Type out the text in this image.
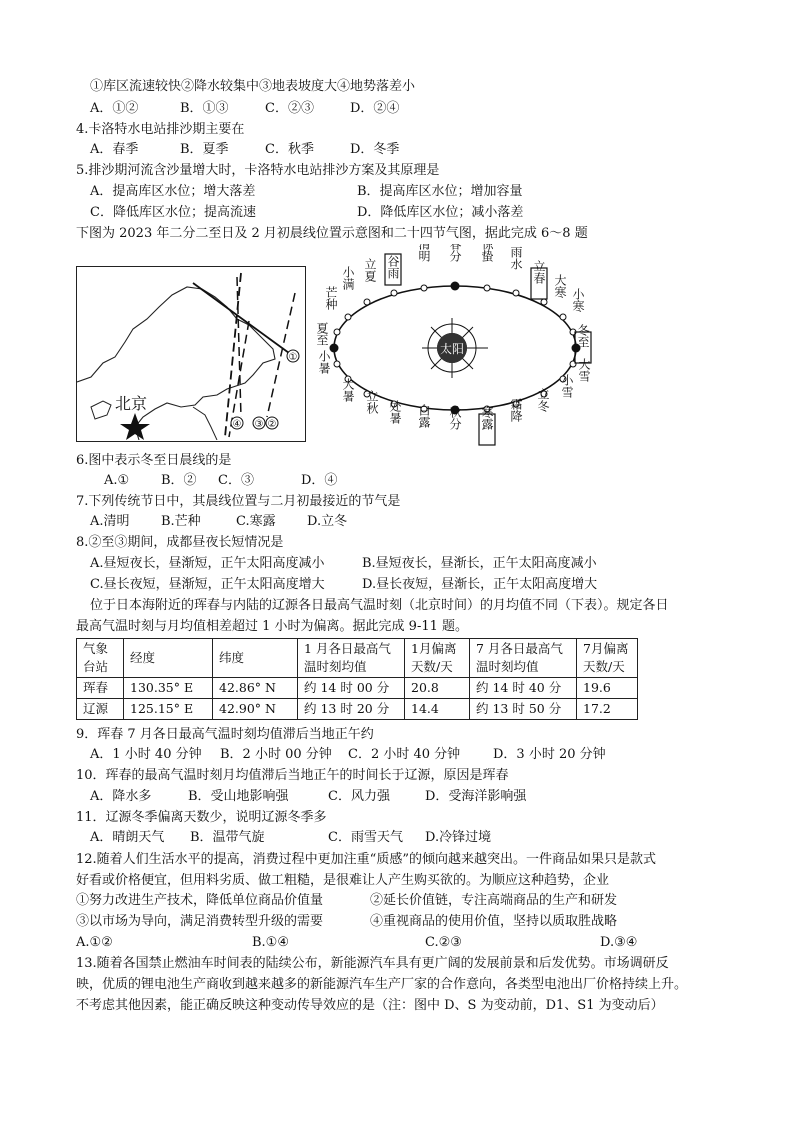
①库区流速较快②降水较集中③地表坡度大④地势落差小
A．①②	B．①③	C．②③	D．②④
4.卡洛特水电站排沙期主要在
A．春季	B．夏季	C．秋季	D．冬季
5.排沙期河流含沙量增大时，卡洛特水电站排沙方案及其原理是
A．提高库区水位；增大落差	B．提高库区水位；增加容量
C．降低库区水位；提高流速	D．降低库区水位；减小落差
下图为 2023 年二分二至日及 2 月初晨线位置示意图和二十四节气图，据此完成 6～8 题
①
④ ③ ②
北京
太阳
谷雨
清明 春分 惊蛰 雨水
立夏
小满
芒种
立春
大寒
小寒
夏至	冬至
小暑
大暑 立秋 处暑 白露 秋分 寒露 霜降 立冬
小雪
大雪
6.图中表示冬至日晨线的是
A.① B．② C．③	D．④
7.下列传统节日中，其晨线位置与二月初最接近的节气是
A.清明 B.芒种	C.寒露 D.立冬
8.②至③期间，成都昼夜长短情况是
A.昼短夜长，昼渐短，正午太阳高度减小	B.昼短夜长，昼渐长，正午太阳高度减小
C.昼长夜短，昼渐短，正午太阳高度增大	D.昼长夜短，昼渐长，正午太阳高度增大
位于日本海附近的珲春与内陆的辽源各日最高气温时刻（北京时间）的月均值不同（下表）。规定各日
最高气温时刻与月均值相差超过 1 小时为偏离。据此完成 9-11 题。
气象台站	经度	纬度	1 月各日最高气温时刻均值	1月偏离天数/天	7 月各日最高气温时刻均值	7月偏离天数/天
珲春	130.35° E	42.86° N	约 14 时 00 分	20.8	约 14 时 40 分	19.6
辽源	125.15° E	42.90° N	约 13 时 20 分	14.4	约 13 时 50 分	17.2
9．珲春 7 月各日最高气温时刻均值滞后当地正午约
A．1 小时 40 分钟 B．2 小时 00 分钟 C．2 小时 40 分钟	D．3 小时 20 分钟
10．珲春的最高气温时刻月均值滞后当地正午的时间长于辽源，原因是珲春
A．降水多	B．受山地影响强	C．风力强	D．受海洋影响强
11．辽源冬季偏离天数少，说明辽源冬季多
A．晴朗天气 B．温带气旋	C．雨雪天气 D.冷锋过境
12.随着人们生活水平的提高，消费过程中更加注重“质感”的倾向越来越突出。一件商品如果只是款式
好看或价格便宜，但用料劣质、做工粗糙，是很难让人产生购买欲的。为顺应这种趋势，企业
①努力改进生产技术，降低单位商品价值量	②延长价值链，专注高端商品的生产和研发
③以市场为导向，满足消费转型升级的需要	④重视商品的使用价值，坚持以质取胜战略
A.①②	B.①④	C.②③	D.③④
13.随着各国禁止燃油车时间表的陆续公布，新能源汽车具有更广阔的发展前景和后发优势。市场调研反
映，优质的锂电池生产商收到越来越多的新能源汽车生产厂家的合作意向，各类型电池出厂价格持续上升。
不考虑其他因素，能正确反映这种变动传导效应的是（注：图中 D、S 为变动前，D1、S1 为变动后）
